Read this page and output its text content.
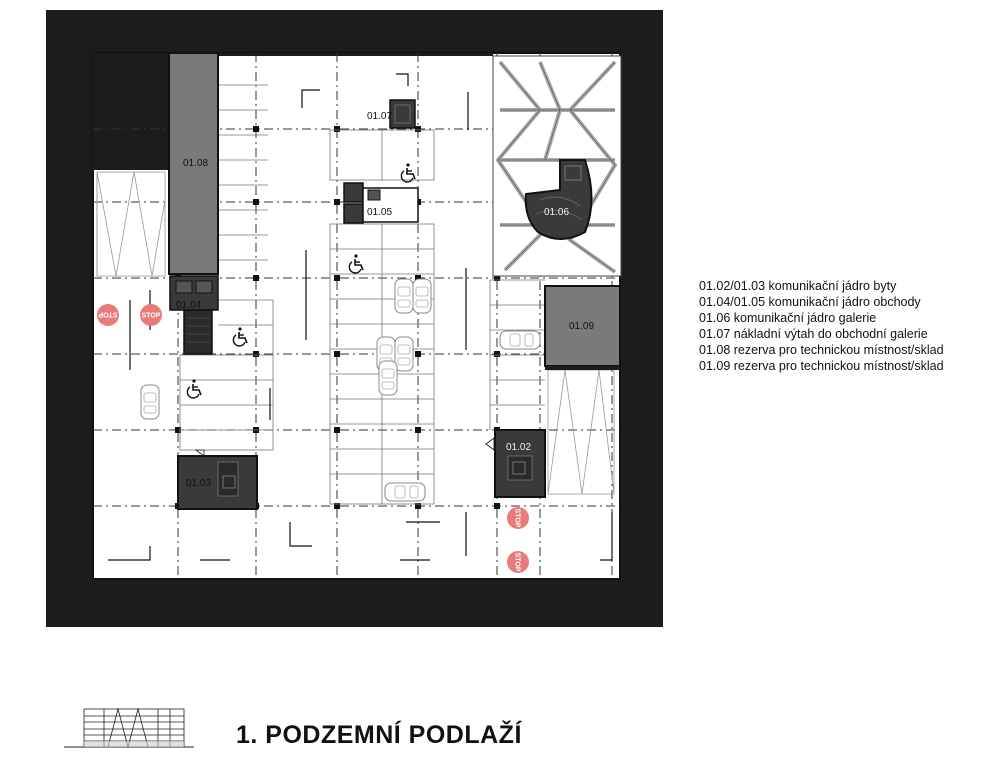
01.08
01.04
01.07
01.05	01.06
01.09
01.03
01.02
STOP	STOP
STOP
STOP
01.02/01.03 komunikační jádro byty
01.04/01.05 komunikační jádro obchody
01.06 komunikační jádro galerie
01.07 nákladní výtah do obchodní galerie
01.08 rezerva pro technickou místnost/sklad
01.09 rezerva pro technickou místnost/sklad
1. PODZEMNÍ PODLAŽÍ
